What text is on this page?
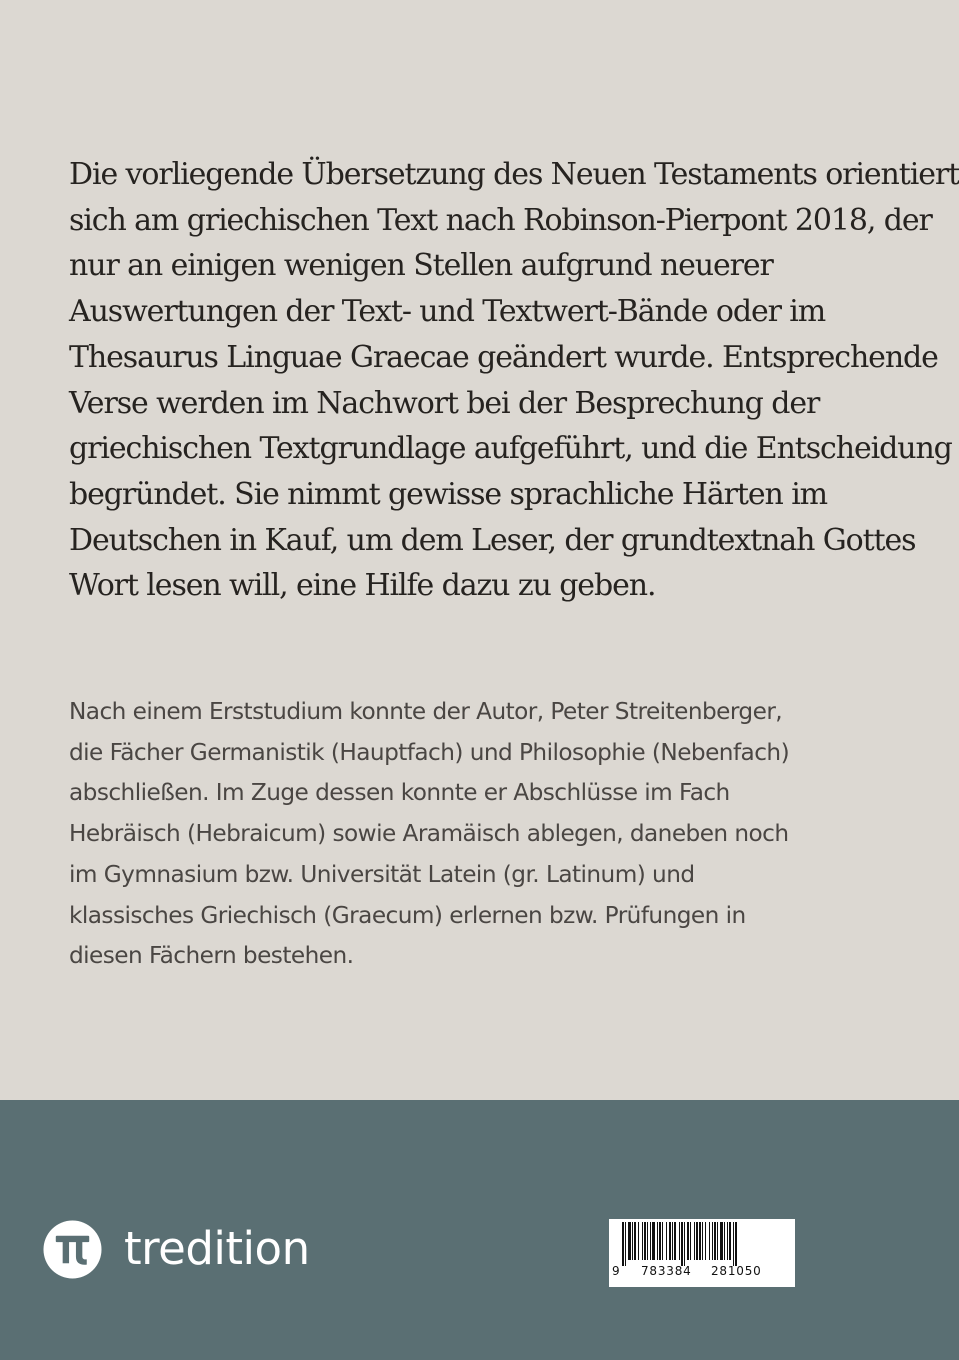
Die vorliegende Übersetzung des Neuen Testaments orientiert
sich am griechischen Text nach Robinson-Pierpont 2018, der
nur an einigen wenigen Stellen aufgrund neuerer
Auswertungen der Text- und Textwert-Bände oder im
Thesaurus Linguae Graecae geändert wurde. Entsprechende
Verse werden im Nachwort bei der Besprechung der
griechischen Textgrundlage aufgeführt, und die Entscheidung
begründet. Sie nimmt gewisse sprachliche Härten im
Deutschen in Kauf, um dem Leser, der grundtextnah Gottes
Wort lesen will, eine Hilfe dazu zu geben.

Nach einem Erststudium konnte der Autor, Peter Streitenberger,
die Fächer Germanistik (Hauptfach) und Philosophie (Nebenfach)
abschließen. Im Zuge dessen konnte er Abschlüsse im Fach
Hebräisch (Hebraicum) sowie Aramäisch ablegen, daneben noch
im Gymnasium bzw. Universität Latein (gr. Latinum) und
klassisches Griechisch (Graecum) erlernen bzw. Prüfungen in
diesen Fächern bestehen.

tredition	9 783384 281050
